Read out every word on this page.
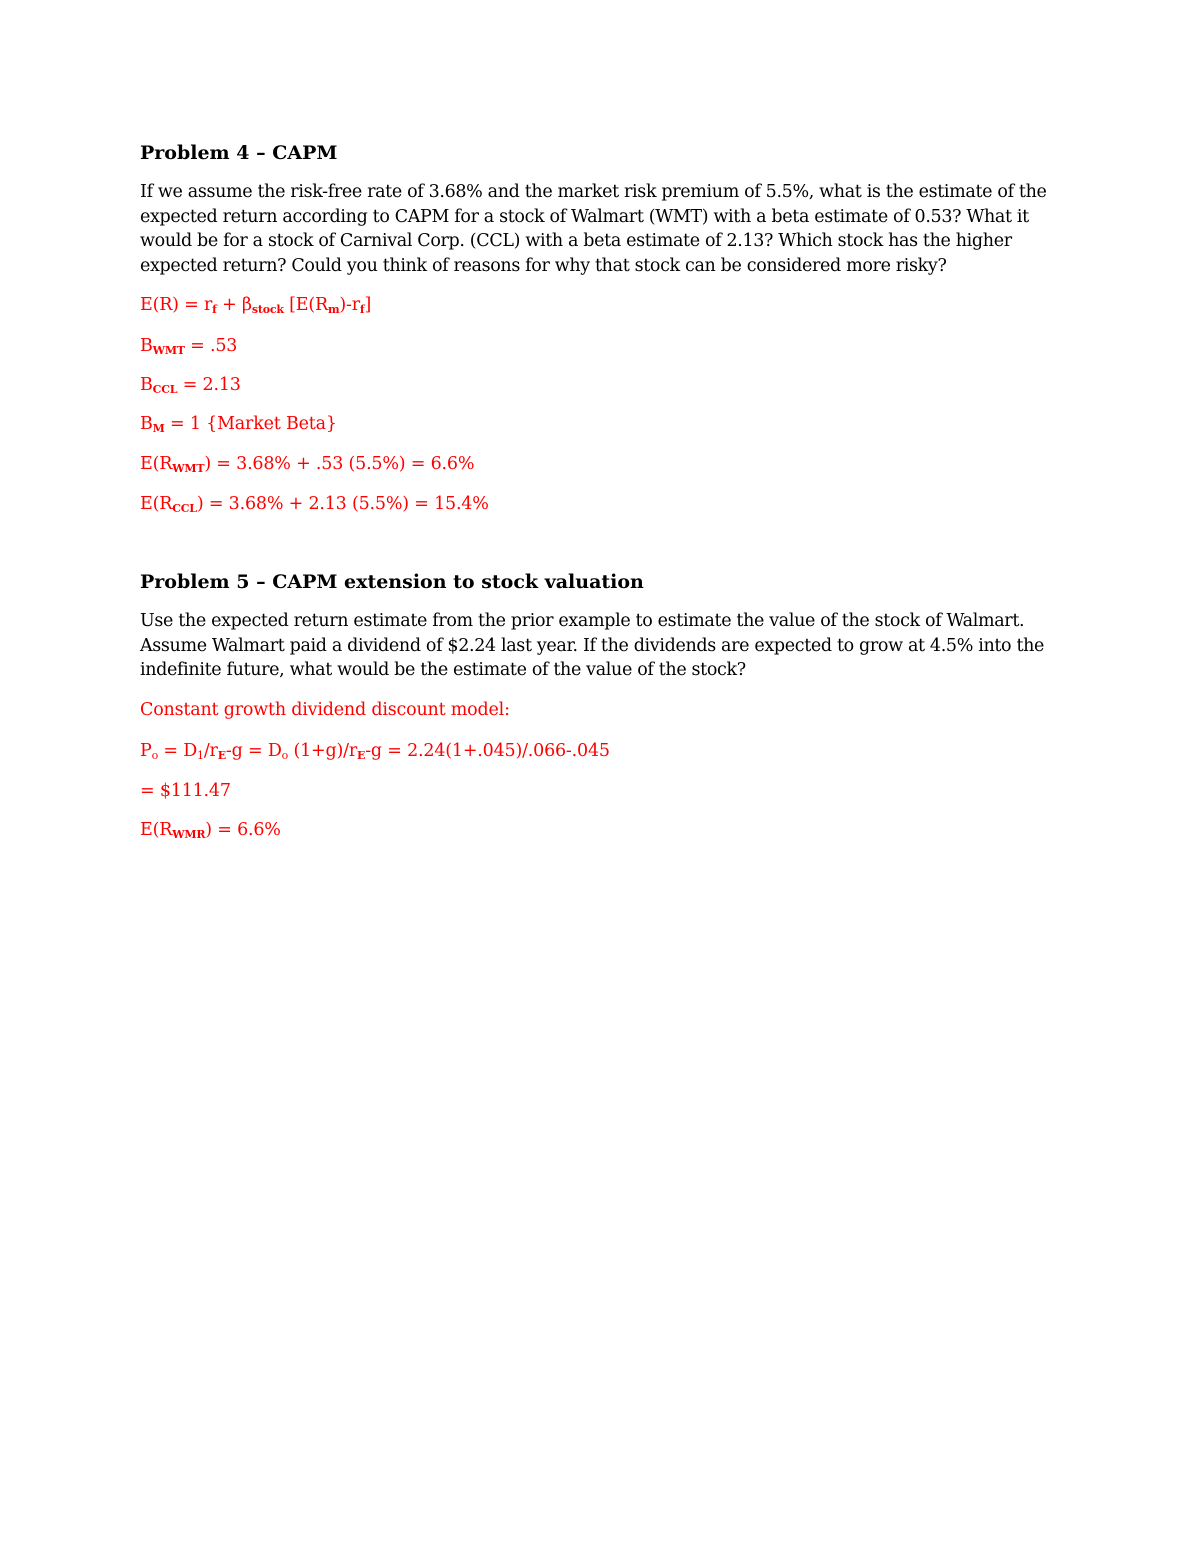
Problem 4 – CAPM
If we assume the risk-free rate of 3.68% and the market risk premium of 5.5%, what is the estimate of the expected return according to CAPM for a stock of Walmart (WMT) with a beta estimate of 0.53? What it would be for a stock of Carnival Corp. (CCL) with a beta estimate of 2.13? Which stock has the higher expected return? Could you think of reasons for why that stock can be considered more risky?
$E(R) = r_f + \beta_{stock}$ $[E(R_m)-r_f]$
$B_{WMT} = .53$
$B_{CCL} = 2.13$
$B_M = 1$ {Market Beta}
$E(R_{WMT}) = 3.68\% + .53$ (5.5%) = 6.6%
$E(R_{CCL}) = 3.68\% + 2.13$ (5.5%) = 15.4%
Problem 5 – CAPM extension to stock valuation
Use the expected return estimate from the prior example to estimate the value of the stock of Walmart. Assume Walmart paid a dividend of $2.24 last year. If the dividends are expected to grow at 4.5% into the indefinite future, what would be the estimate of the value of the stock?
Constant growth dividend discount model:
$P_o = D_1/r_E-g = D_o$ $(1+g)/r_E-g = 2.24(1+.045)/.066-.045$
= $111.47
$E(R_{WMR}) = 6.6\%$
